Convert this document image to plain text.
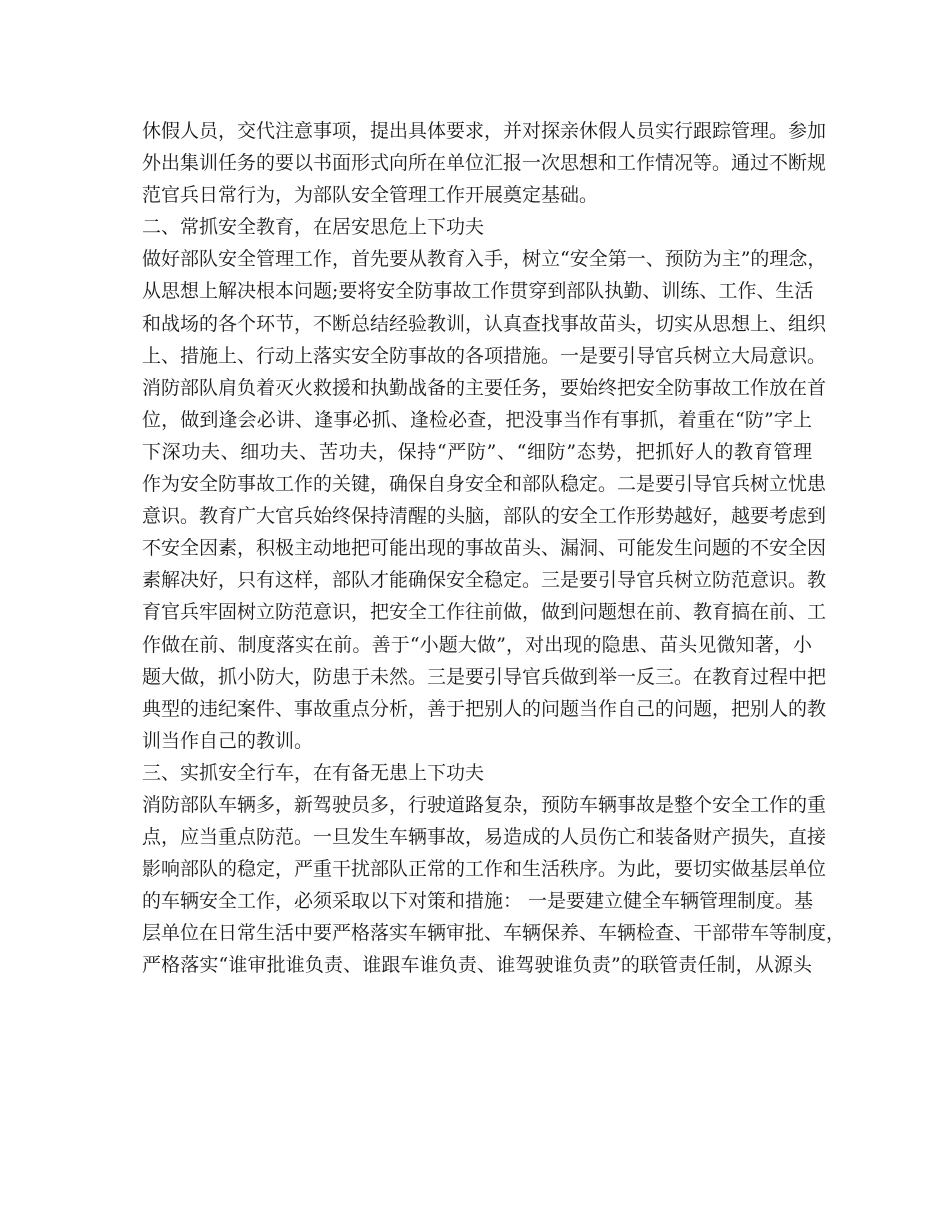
休假人员，交代注意事项，提出具体要求，并对探亲休假人员实行跟踪管理。参加
外出集训任务的要以书面形式向所在单位汇报一次思想和工作情况等。通过不断规
范官兵日常行为，为部队安全管理工作开展奠定基础。
二、常抓安全教育，在居安思危上下功夫
做好部队安全管理工作，首先要从教育入手，树立“安全第一、预防为主”的理念，
从思想上解决根本问题;要将安全防事故工作贯穿到部队执勤、训练、工作、生活
和战场的各个环节，不断总结经验教训，认真查找事故苗头，切实从思想上、组织
上、措施上、行动上落实安全防事故的各项措施。一是要引导官兵树立大局意识。
消防部队肩负着灭火救援和执勤战备的主要任务，要始终把安全防事故工作放在首
位，做到逢会必讲、逢事必抓、逢检必查，把没事当作有事抓，着重在“防”字上
下深功夫、细功夫、苦功夫，保持“严防”、“细防”态势，把抓好人的教育管理
作为安全防事故工作的关键，确保自身安全和部队稳定。二是要引导官兵树立忧患
意识。教育广大官兵始终保持清醒的头脑，部队的安全工作形势越好，越要考虑到
不安全因素，积极主动地把可能出现的事故苗头、漏洞、可能发生问题的不安全因
素解决好，只有这样，部队才能确保安全稳定。三是要引导官兵树立防范意识。教
育官兵牢固树立防范意识，把安全工作往前做，做到问题想在前、教育搞在前、工
作做在前、制度落实在前。善于“小题大做”，对出现的隐患、苗头见微知著，小
题大做，抓小防大，防患于未然。三是要引导官兵做到举一反三。在教育过程中把
典型的违纪案件、事故重点分析，善于把别人的问题当作自己的问题，把别人的教
训当作自己的教训。
三、实抓安全行车，在有备无患上下功夫
消防部队车辆多，新驾驶员多，行驶道路复杂，预防车辆事故是整个安全工作的重
点，应当重点防范。一旦发生车辆事故，易造成的人员伤亡和装备财产损失，直接
影响部队的稳定，严重干扰部队正常的工作和生活秩序。为此，要切实做基层单位
的车辆安全工作，必须采取以下对策和措施： 一是要建立健全车辆管理制度。基
层单位在日常生活中要严格落实车辆审批、车辆保养、车辆检查、干部带车等制度，
严格落实“谁审批谁负责、谁跟车谁负责、谁驾驶谁负责”的联管责任制，从源头
